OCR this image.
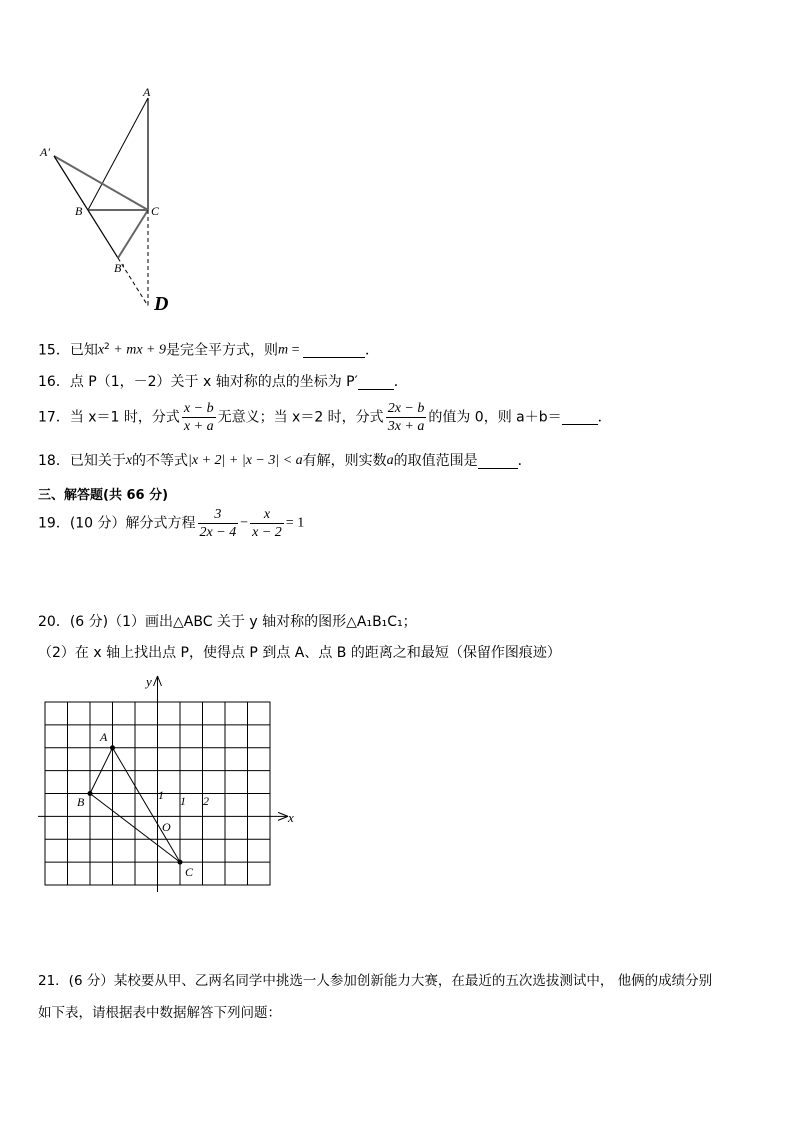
A
A′
B	C
B′
D
15．已知$x^2$ + mx + 9是完全平方式，则m =	．
16．点 P（1，－2）关于 x 轴对称的点的坐标为 P′	．
17．当 x＝1 时，分式 $\frac{x - b}{x + a}$ 无意义；当 x＝2 时，分式 $\frac{2x - b}{3x + a}$ 的值为 0，则 a＋b＝	．
18．已知关于x的不等式|x + 2| + |x − 3| < a有解，则实数a的取值范围是	．
三、解答题(共 66 分)
19．(10 分）解分式方程 $\frac{3}{2x - 4} - \frac{x}{x - 2} = 1$
20．(6 分)（1）画出△ABC 关于 y 轴对称的图形△A₁B₁C₁；
（2）在 x 轴上找出点 P，使得点 P 到点 A、点 B 的距离之和最短（保留作图痕迹）
y
x
A
B
C
O
1 1 2
21．(6 分）某校要从甲、乙两名同学中挑选一人参加创新能力大赛，在最近的五次选拔测试中， 他俩的成绩分别
如下表，请根据表中数据解答下列问题：
